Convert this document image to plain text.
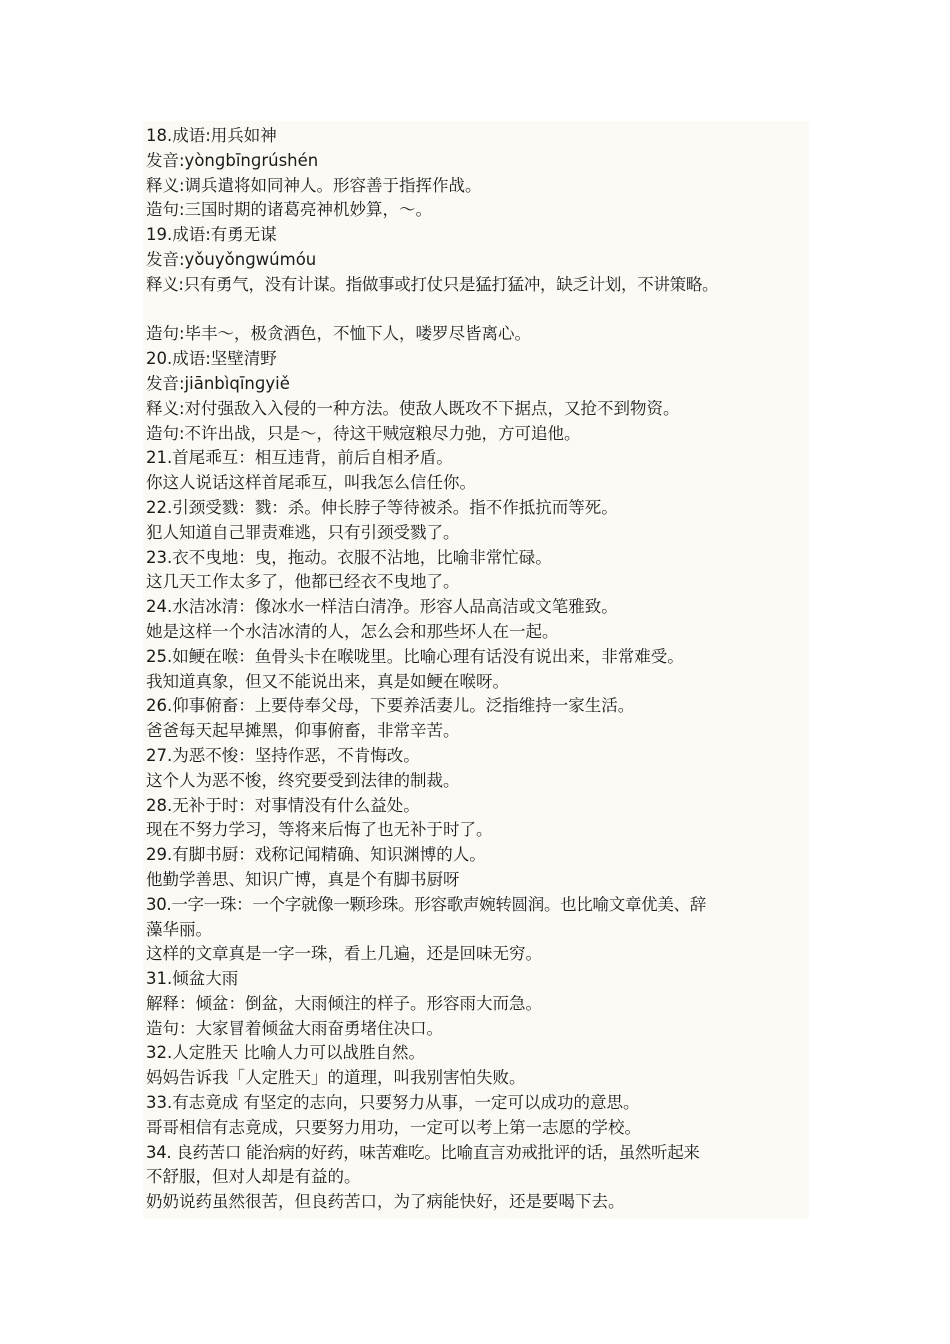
18.成语:用兵如神
发音:yònɡbīnɡrúshén
释义:调兵遣将如同神人。形容善于指挥作战。
造句:三国时期的诸葛亮神机妙算，～。
19.成语:有勇无谋
发音:yǒuyǒnɡwúmóu
释义:只有勇气，没有计谋。指做事或打仗只是猛打猛冲，缺乏计划，不讲策略。
造句:毕丰～，极贪酒色，不恤下人，喽罗尽皆离心。
20.成语:坚壁清野
发音:jiānbìqīnɡyiě
释义:对付强敌入入侵的一种方法。使敌人既攻不下据点，又抢不到物资。
造句:不许出战，只是～，待这干贼寇粮尽力弛，方可追他。
21.首尾乖互：相互违背，前后自相矛盾。
你这人说话这样首尾乖互，叫我怎么信任你。
22.引颈受戮：戮：杀。伸长脖子等待被杀。指不作抵抗而等死。
犯人知道自己罪责难逃，只有引颈受戮了。
23.衣不曳地：曳，拖动。衣服不沾地，比喻非常忙碌。
这几天工作太多了，他都已经衣不曳地了。
24.水洁冰清：像冰水一样洁白清净。形容人品高洁或文笔雅致。
她是这样一个水洁冰清的人，怎么会和那些坏人在一起。
25.如鲠在喉：鱼骨头卡在喉咙里。比喻心理有话没有说出来，非常难受。
我知道真象，但又不能说出来，真是如鲠在喉呀。
26.仰事俯畜：上要侍奉父母，下要养活妻儿。泛指维持一家生活。
爸爸每天起早摊黑，仰事俯畜，非常辛苦。
27.为恶不悛：坚持作恶，不肯悔改。
这个人为恶不悛，终究要受到法律的制裁。
28.无补于时：对事情没有什么益处。
现在不努力学习，等将来后悔了也无补于时了。
29.有脚书厨：戏称记闻精确、知识渊博的人。
他勤学善思、知识广博，真是个有脚书厨呀
30.一字一珠：一个字就像一颗珍珠。形容歌声婉转圆润。也比喻文章优美、辞
藻华丽。
这样的文章真是一字一珠，看上几遍，还是回味无穷。
31.倾盆大雨
解释：倾盆：倒盆，大雨倾注的样子。形容雨大而急。
造句：大家冒着倾盆大雨奋勇堵住决口。
32.人定胜天 比喻人力可以战胜自然。
妈妈告诉我「人定胜天」的道理，叫我别害怕失败。
33.有志竟成 有坚定的志向，只要努力从事，一定可以成功的意思。
哥哥相信有志竟成，只要努力用功，一定可以考上第一志愿的学校。
34. 良药苦口 能治病的好药，味苦难吃。比喻直言劝戒批评的话，虽然听起来
不舒服，但对人却是有益的。
奶奶说药虽然很苦，但良药苦口，为了病能快好，还是要喝下去。
